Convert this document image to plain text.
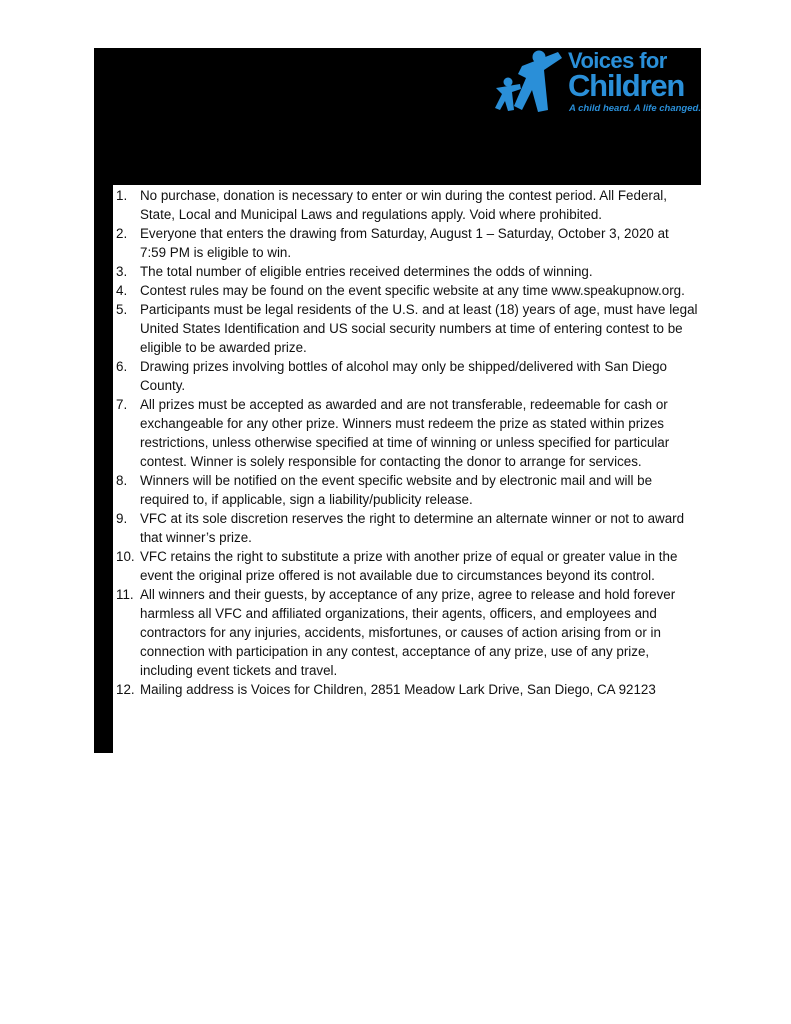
Voices for
Children
A child heard. A life changed.
1. No purchase, donation is necessary to enter or win during the contest period. All Federal, State, Local and Municipal Laws and regulations apply. Void where prohibited.
2. Everyone that enters the drawing from Saturday, August 1 – Saturday, October 3, 2020 at 7:59 PM is eligible to win.
3. The total number of eligible entries received determines the odds of winning.
4. Contest rules may be found on the event specific website at any time www.speakupnow.org.
5. Participants must be legal residents of the U.S. and at least (18) years of age, must have legal United States Identification and US social security numbers at time of entering contest to be eligible to be awarded prize.
6. Drawing prizes involving bottles of alcohol may only be shipped/delivered with San Diego County.
7. All prizes must be accepted as awarded and are not transferable, redeemable for cash or exchangeable for any other prize. Winners must redeem the prize as stated within prizes restrictions, unless otherwise specified at time of winning or unless specified for particular contest. Winner is solely responsible for contacting the donor to arrange for services.
8. Winners will be notified on the event specific website and by electronic mail and will be required to, if applicable, sign a liability/publicity release.
9. VFC at its sole discretion reserves the right to determine an alternate winner or not to award that winner’s prize.
10. VFC retains the right to substitute a prize with another prize of equal or greater value in the event the original prize offered is not available due to circumstances beyond its control.
11. All winners and their guests, by acceptance of any prize, agree to release and hold forever harmless all VFC and affiliated organizations, their agents, officers, and employees and contractors for any injuries, accidents, misfortunes, or causes of action arising from or in connection with participation in any contest, acceptance of any prize, use of any prize, including event tickets and travel.
12. Mailing address is Voices for Children, 2851 Meadow Lark Drive, San Diego, CA 92123
